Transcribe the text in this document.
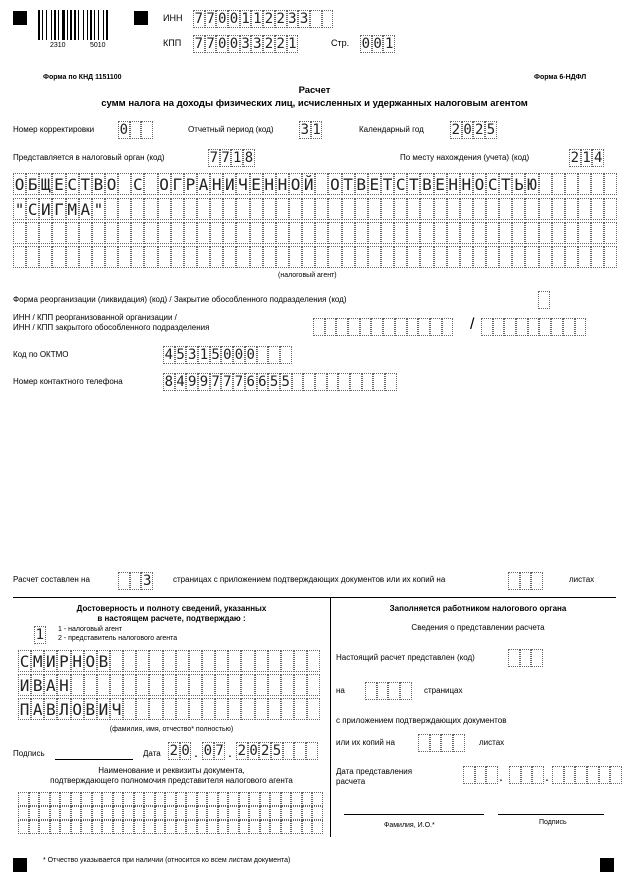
2310	5010
ИНН 7 7 0 0 1 1 2 2 3 3
КПП 7 7 0 0 3 3 2 2 1	Стр. 0 0 1
Форма по КНД 1151100	Форма 6-НДФЛ
Расчет
сумм налога на доходы физических лиц, исчисленных и удержанных налоговым агентом
Номер корректировки 0	Отчетный период (код) 3 1	Календарный год 2 0 2 5
Представляется в налоговый орган (код)	7 7 1 8	По месту нахождения (учета) (код)	2 1 4
О Б Щ Е С Т В О С О Г Р А Н И Ч Е Н Н О Й О Т В Е Т С Т В Е Н Н О С Т Ь Ю
" С И Г М А "
(налоговый агент)
Форма реорганизации (ликвидация) (код) / Закрытие обособленного подразделения (код)
ИНН / КПП реорганизованной организации /
ИНН / КПП закрытого обособленного подразделения	/
Код по ОКТМО	4 5 3 1 5 0 0 0
Номер контактного телефона	8 4 9 9 7 7 7 6 6 5 5
Расчет составлен на	3	страницах с приложением подтверждающих документов или их копий на	листах
Достоверность и полноту сведений, указанных
в настоящем расчете, подтверждаю :
1 1 - налоговый агент
2 - представитель налогового агента
С М И Р Н О В
И В А Н
П А В Л О В И Ч
(фамилия, имя, отчество* полностью)
Подпись	Дата 2 0 . 0 7 . 2 0 2 5
Наименование и реквизиты документа,
подтверждающего полномочия представителя налогового агента
Заполняется работником налогового органа
Сведения о представлении расчета
Настоящий расчет представлен (код)
на	страницах
с приложением подтверждающих документов
или их копий на	листах
Дата представления
расчета	.	.
Фамилия, И.О.*	Подпись
* Отчество указывается при наличии (относится ко всем листам документа)
